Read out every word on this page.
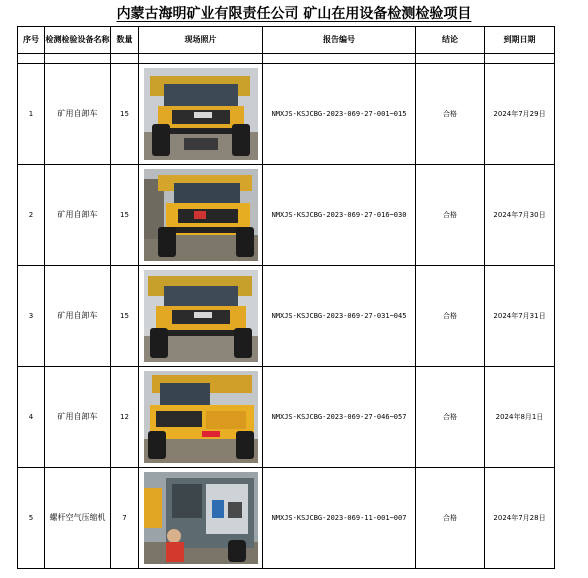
内蒙古海明矿业有限责任公司 矿山在用设备检测检验项目
序号	检测检验设备名称	数量	现场照片	报告编号	结论	到期日期

1	矿用自卸车	15		NMXJS-KSJCBG-2023-069-27-001~015	合格	2024年7月29日
2	矿用自卸车	15		NMXJS-KSJCBG-2023-069-27-016~030	合格	2024年7月30日
3	矿用自卸车	15		NMXJS-KSJCBG-2023-069-27-031~045	合格	2024年7月31日
4	矿用自卸车	12		NMXJS-KSJCBG-2023-069-27-046~057	合格	2024年8月1日
5	螺杆空气压缩机	7		NMXJS-KSJCBG-2023-069-11-001~007	合格	2024年7月28日
